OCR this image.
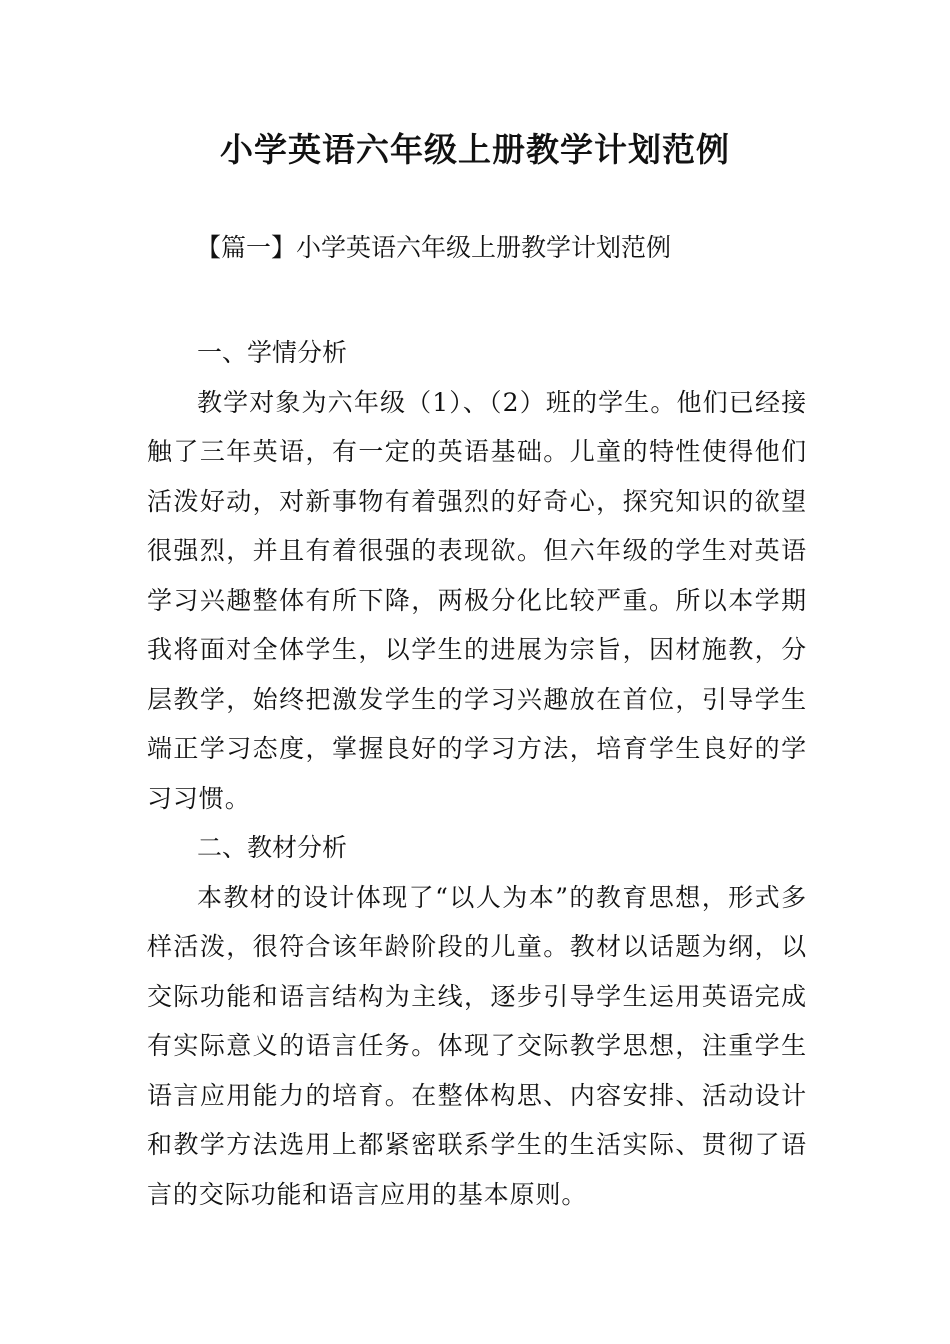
小学英语六年级上册教学计划范例

【篇一】小学英语六年级上册教学计划范例

一、学情分析

教学对象为六年级（1）、（2）班的学生。他们已经接触了三年英语，有一定的英语基础。儿童的特性使得他们活泼好动，对新事物有着强烈的好奇心，探究知识的欲望很强烈，并且有着很强的表现欲。但六年级的学生对英语学习兴趣整体有所下降，两极分化比较严重。所以本学期我将面对全体学生，以学生的进展为宗旨，因材施教，分层教学，始终把激发学生的学习兴趣放在首位，引导学生端正学习态度，掌握良好的学习方法，培育学生良好的学习习惯。

二、教材分析

本教材的设计体现了“以人为本”的教育思想，形式多样活泼，很符合该年龄阶段的儿童。教材以话题为纲，以交际功能和语言结构为主线，逐步引导学生运用英语完成有实际意义的语言任务。体现了交际教学思想，注重学生语言应用能力的培育。在整体构思、内容安排、活动设计和教学方法选用上都紧密联系学生的生活实际、贯彻了语言的交际功能和语言应用的基本原则。
